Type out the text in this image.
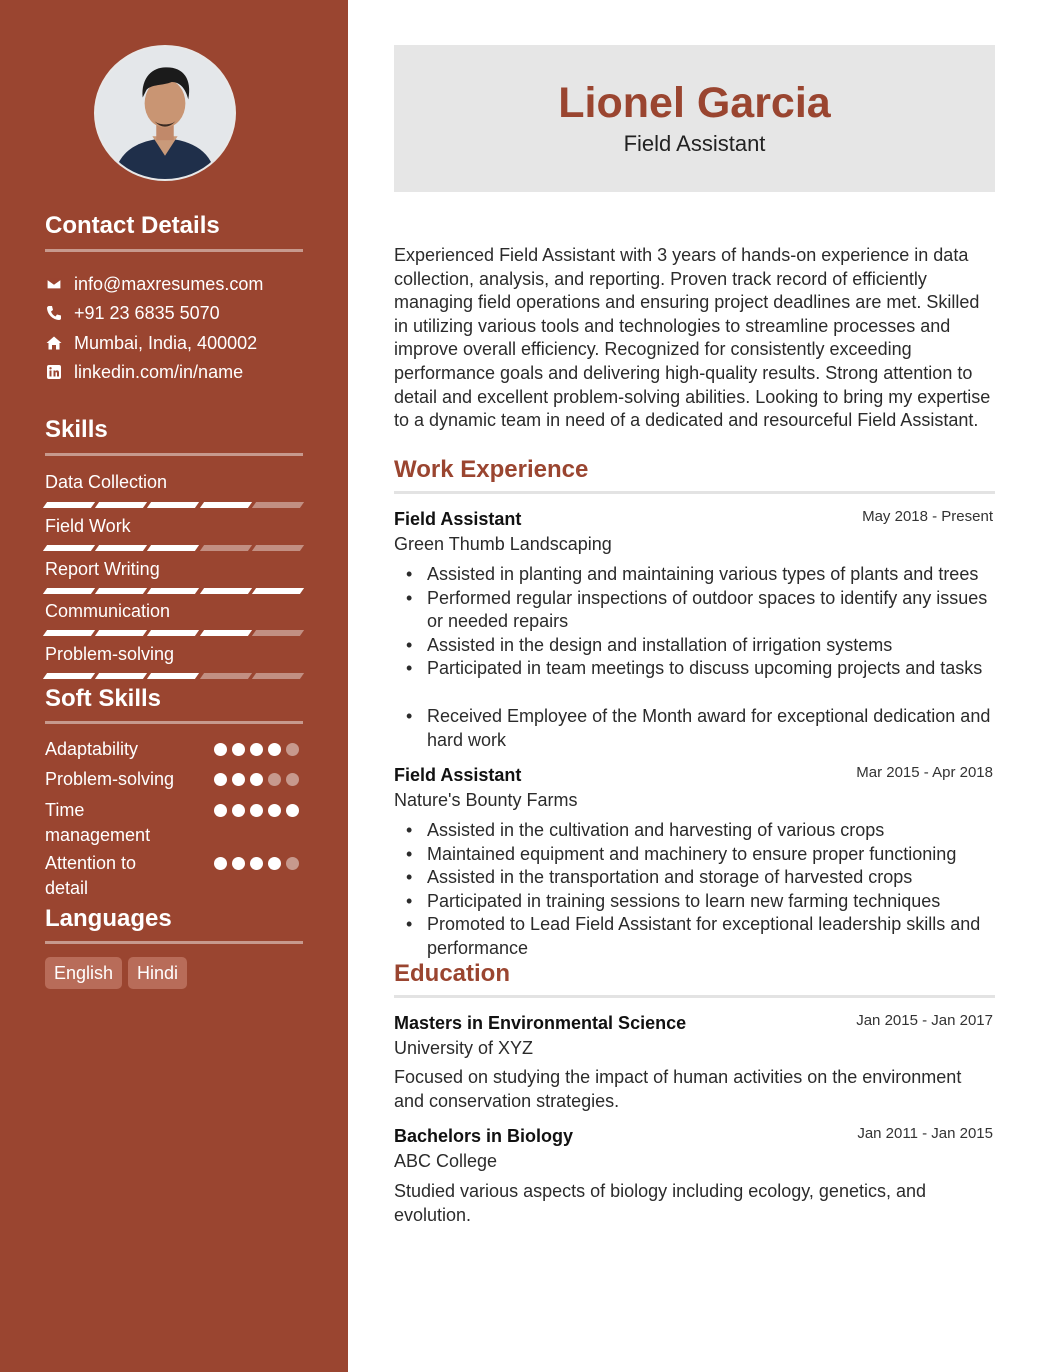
Contact Details
info@maxresumes.com
+91 23 6835 5070
Mumbai, India, 400002
linkedin.com/in/name
Skills
Data Collection
Field Work
Report Writing
Communication
Problem-solving
Soft Skills
Adaptability
Problem-solving
Time management
Attention to detail
Languages
English	Hindi
Lionel Garcia
Field Assistant

Experienced Field Assistant with 3 years of hands-on experience in data collection, analysis, and reporting. Proven track record of efficiently managing field operations and ensuring project deadlines are met. Skilled in utilizing various tools and technologies to streamline processes and improve overall efficiency. Recognized for consistently exceeding performance goals and delivering high-quality results. Strong attention to detail and excellent problem-solving abilities. Looking to bring my expertise to a dynamic team in need of a dedicated and resourceful Field Assistant.

Work Experience
Field Assistant	May 2018 - Present
Green Thumb Landscaping
• Assisted in planting and maintaining various types of plants and trees
• Performed regular inspections of outdoor spaces to identify any issues or needed repairs
• Assisted in the design and installation of irrigation systems
• Participated in team meetings to discuss upcoming projects and tasks
• Received Employee of the Month award for exceptional dedication and hard work
Field Assistant	Mar 2015 - Apr 2018
Nature's Bounty Farms
• Assisted in the cultivation and harvesting of various crops
• Maintained equipment and machinery to ensure proper functioning
• Assisted in the transportation and storage of harvested crops
• Participated in training sessions to learn new farming techniques
• Promoted to Lead Field Assistant for exceptional leadership skills and performance
Education
Masters in Environmental Science	Jan 2015 - Jan 2017
University of XYZ

Focused on studying the impact of human activities on the environment and conservation strategies.

Bachelors in Biology	Jan 2011 - Jan 2015
ABC College

Studied various aspects of biology including ecology, genetics, and evolution.
